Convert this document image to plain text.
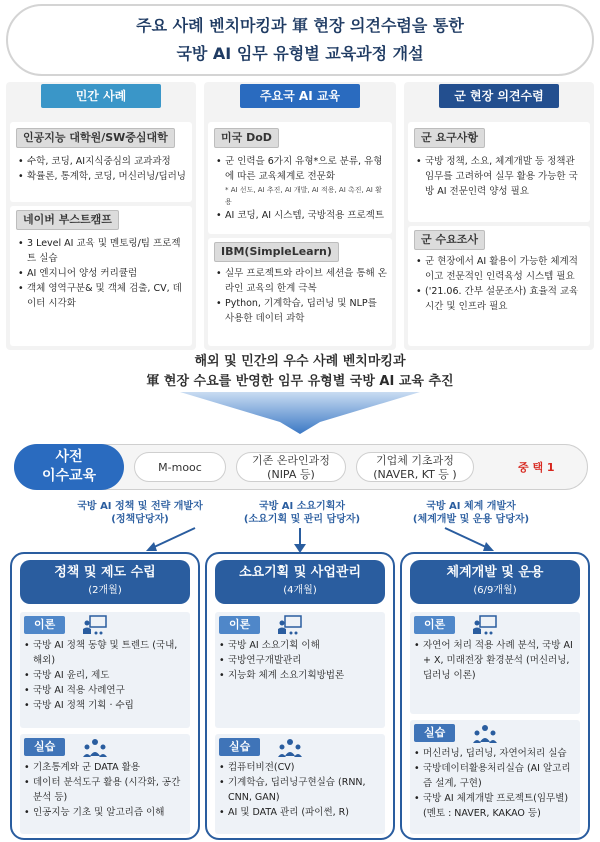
주요 사례 벤치마킹과 軍 현장 의견수렴을 통한
국방 AI 임무 유형별 교육과정 개설
민간 사례
인공지능 대학원/SW중심대학
• 수학, 코딩, AI지식중심의 교과과정
• 확률론, 통계학, 코딩, 머신러닝/딥러닝
네이버 부스트캠프
• 3 Level AI 교육 및 멘토링/팀 프로젝트 실습
• AI 엔지니어 양성 커리큘럼
• 객체 영역구분& 및 객체 검출, CV, 데이터 시각화
주요국 AI 교육
미국 DoD
• 군 인력을 6가지 유형*으로 분류, 유형에 따른 교육체계로 전문화
* AI 선도, AI 추진, AI 개발, AI 적용, AI 촉진, AI 활용
• AI 코딩, AI 시스템, 국방적용 프로젝트
IBM(SimpleLearn)
• 실무 프로젝트와 라이브 세션을 통해 온라인 교육의 한계 극복
• Python, 기계학습, 딥러닝 및 NLP를 사용한 데이터 과학
군 현장 의견수렴
군 요구사항
• 국방 정책, 소요, 체계개발 등 정책관 임무를 고려하여 실무 활용 가능한 국방 AI 전문인력 양성 필요
군 수요조사
• 군 현장에서 AI 활용이 가능한 체계적이고 전문적인 인력육성 시스템 필요
• ('21.06. 간부 설문조사) 효율적 교육시간 및 인프라 필요
해외 및 민간의 우수 사례 벤치마킹과
軍 현장 수요를 반영한 임무 유형별 국방 AI 교육 추진
사전
이수교육
M-mooc
기존 온라인과정
(NIPA 등)
기업체 기초과정
(NAVER, KT 등 )
중 택 1
국방 AI 정책 및 전략 개발자
(정책담당자)
국방 AI 소요기획자
(소요기획 및 관리 담당자)
국방 AI 체계 개발자
(체계개발 및 운용 담당자)
정책 및 제도 수립
(2개월)
이론
• 국방 AI 정책 동향 및 트렌드 (국내, 해외)
• 국방 AI 윤리, 제도
• 국방 AI 적용 사례연구
• 국방 AI 정책 기획 · 수립
실습
• 기초통계와 군 DATA 활용
• 데이터 분석도구 활용 (시각화, 공간분석 등)
• 인공지능 기초 및 알고리즘 이해
소요기획 및 사업관리
(4개월)
이론
• 국방 AI 소요기획 이해
• 국방연구개발관리
• 지능화 체계 소요기획방법론
실습
• 컴퓨터비전(CV)
• 기계학습, 딥러닝구현실습 (RNN, CNN, GAN)
• AI 및 DATA 관리 (파이썬, R)
체계개발 및 운용
(6/9개월)
이론
• 자연어 처리 적용 사례 분석, 국방 AI + X, 미래전장 환경분석 (머신러닝, 딥러닝 이론)
실습
• 머신러닝, 딥러닝, 자연어처리 실습
• 국방데이터활용처리실습 (AI 알고리즘 설계, 구현)
• 국방 AI 체계개발 프로젝트(임무별) (멘토 : NAVER, KAKAO 등)
